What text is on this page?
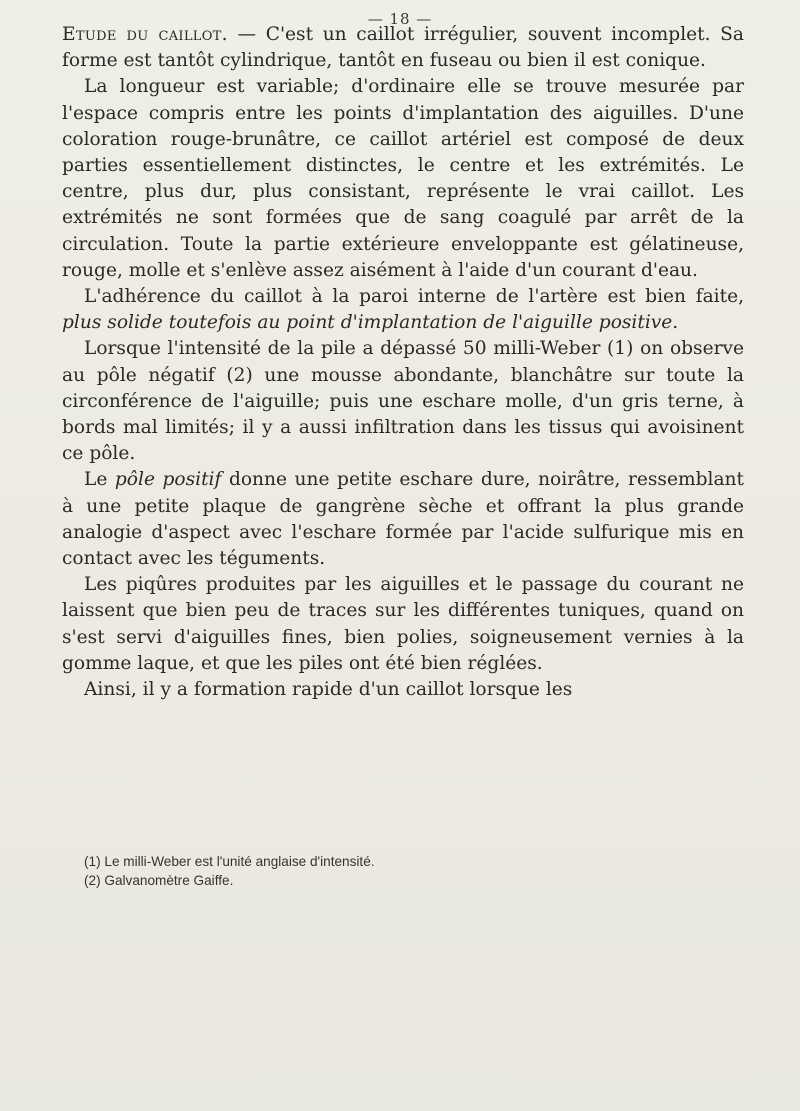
— 18 —

Etude du caillot. — C'est un caillot irrégulier, souvent incomplet. Sa forme est tantôt cylindrique, tantôt en fuseau ou bien il est conique.

La longueur est variable; d'ordinaire elle se trouve mesurée par l'espace compris entre les points d'implantation des aiguilles. D'une coloration rouge-brunâtre, ce caillot artériel est composé de deux parties essentiellement distinctes, le centre et les extrémités. Le centre, plus dur, plus consistant, représente le vrai caillot. Les extrémités ne sont formées que de sang coagulé par arrêt de la circulation. Toute la partie extérieure enveloppante est gélatineuse, rouge, molle et s'enlève assez aisément à l'aide d'un courant d'eau.

L'adhérence du caillot à la paroi interne de l'artère est bien faite, plus solide toutefois au point d'implantation de l'aiguille positive.

Lorsque l'intensité de la pile a dépassé 50 milli-Weber (1) on observe au pôle négatif (2) une mousse abondante, blanchâtre sur toute la circonférence de l'aiguille; puis une eschare molle, d'un gris terne, à bords mal limités; il y a aussi infiltration dans les tissus qui avoisinent ce pôle.

Le pôle positif donne une petite eschare dure, noirâtre, ressemblant à une petite plaque de gangrène sèche et offrant la plus grande analogie d'aspect avec l'eschare formée par l'acide sulfurique mis en contact avec les téguments.

Les piqûres produites par les aiguilles et le passage du courant ne laissent que bien peu de traces sur les différentes tuniques, quand on s'est servi d'aiguilles fines, bien polies, soigneusement vernies à la gomme laque, et que les piles ont été bien réglées.

Ainsi, il y a formation rapide d'un caillot lorsque les

(1) Le milli-Weber est l'unité anglaise d'intensité.
(2) Galvanomètre Gaiffe.
